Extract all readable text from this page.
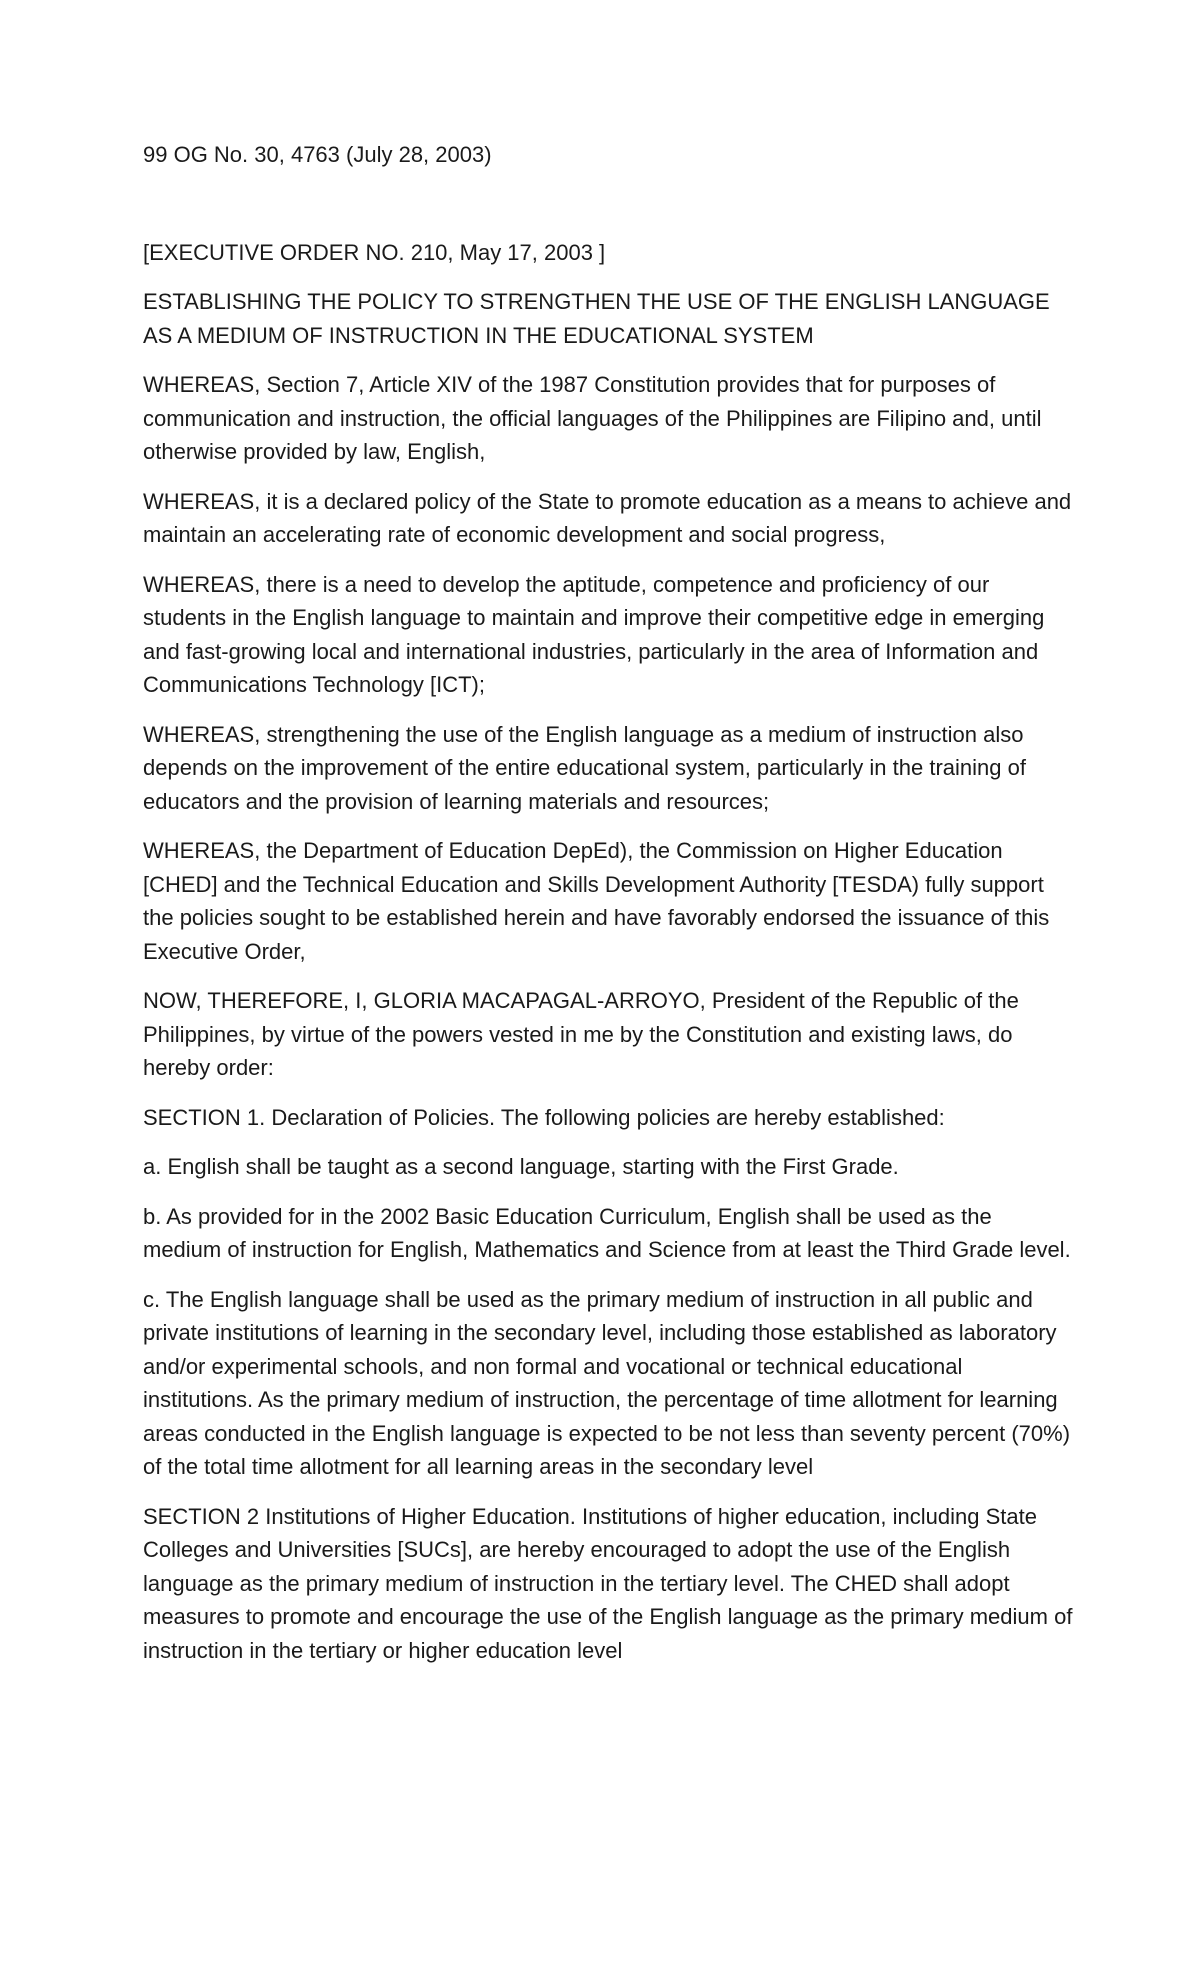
99 OG No. 30, 4763 (July 28, 2003)

[EXECUTIVE ORDER NO. 210, May 17, 2003 ]

ESTABLISHING THE POLICY TO STRENGTHEN THE USE OF THE ENGLISH LANGUAGE AS A MEDIUM OF INSTRUCTION IN THE EDUCATIONAL SYSTEM

WHEREAS, Section 7, Article XIV of the 1987 Constitution provides that for purposes of communication and instruction, the official languages of the Philippines are Filipino and, until otherwise provided by law, English,

WHEREAS, it is a declared policy of the State to promote education as a means to achieve and maintain an accelerating rate of economic development and social progress,

WHEREAS, there is a need to develop the aptitude, competence and proficiency of our students in the English language to maintain and improve their competitive edge in emerging and fast-growing local and international industries, particularly in the area of Information and Communications Technology [ICT);

WHEREAS, strengthening the use of the English language as a medium of instruction also depends on the improvement of the entire educational system, particularly in the training of educators and the provision of learning materials and resources;

WHEREAS, the Department of Education DepEd), the Commission on Higher Education [CHED] and the Technical Education and Skills Development Authority [TESDA) fully support the policies sought to be established herein and have favorably endorsed the issuance of this Executive Order,

NOW, THEREFORE, I, GLORIA MACAPAGAL-ARROYO, President of the Republic of the Philippines, by virtue of the powers vested in me by the Constitution and existing laws, do hereby order:

SECTION 1. Declaration of Policies. The following policies are hereby established:

a. English shall be taught as a second language, starting with the First Grade.

b. As provided for in the 2002 Basic Education Curriculum, English shall be used as the medium of instruction for English, Mathematics and Science from at least the Third Grade level.

c. The English language shall be used as the primary medium of instruction in all public and private institutions of learning in the secondary level, including those established as laboratory and/or experimental schools, and non formal and vocational or technical educational institutions. As the primary medium of instruction, the percentage of time allotment for learning areas conducted in the English language is expected to be not less than seventy percent (70%) of the total time allotment for all learning areas in the secondary level

SECTION 2 Institutions of Higher Education. Institutions of higher education, including State Colleges and Universities [SUCs], are hereby encouraged to adopt the use of the English language as the primary medium of instruction in the tertiary level. The CHED shall adopt measures to promote and encourage the use of the English language as the primary medium of instruction in the tertiary or higher education level
